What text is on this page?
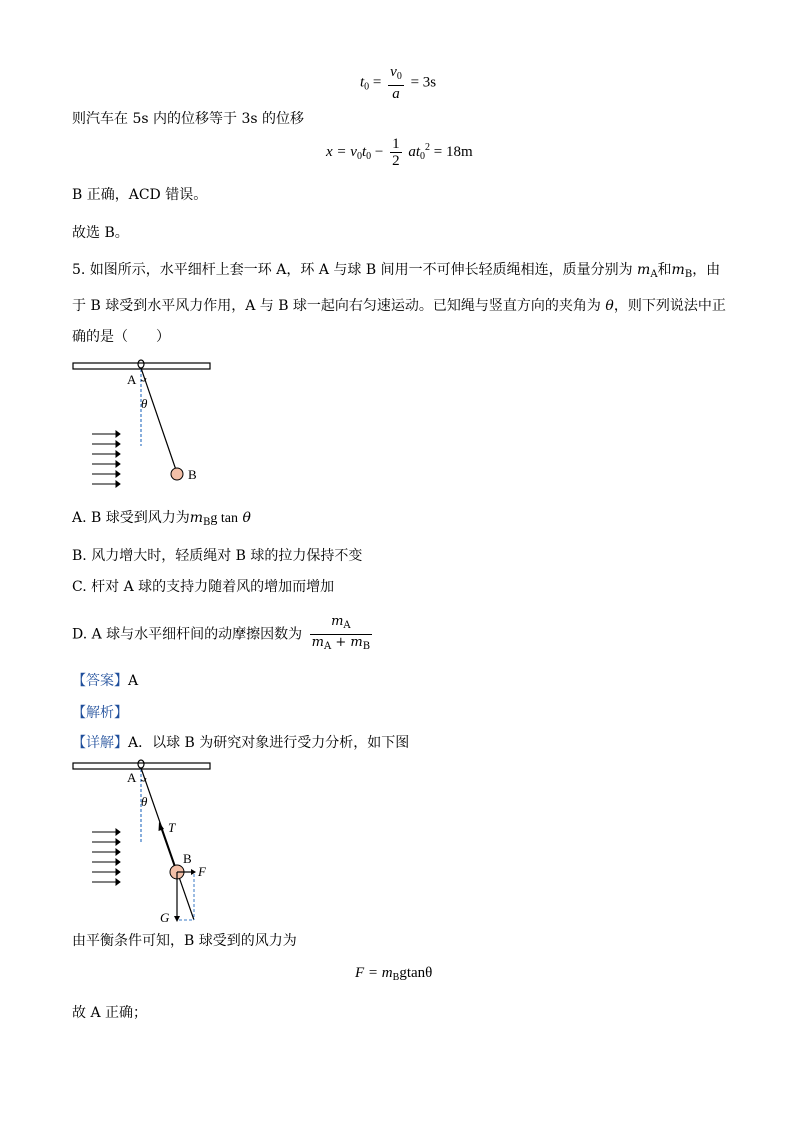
$t_0 = \frac{v_0}{a} = 3s$
则汽车在 5s 内的位移等于 3s 的位移
$x = v_0t_0 - \frac{1}{2} at_0^2 = 18m$
B 正确，ACD 错误。
故选 B。
5. 如图所示，水平细杆上套一环 A，环 A 与球 B 间用一不可伸长轻质绳相连，质量分别为 $m_A$和$m_B$，由
于 B 球受到水平风力作用，A 与 B 球一起向右匀速运动。已知绳与竖直方向的夹角为 θ，则下列说法中正
确的是（　　）
A
θ
B
A. B 球受到风力为$m_Bg$ tan θ
B. 风力增大时，轻质绳对 B 球的拉力保持不变
C. 杆对 A 球的支持力随着风的增加而增加
D. A 球与水平细杆间的动摩擦因数为 $\frac{m_A}{m_A + m_B}$
【答案】A
【解析】
【详解】A．以球 B 为研究对象进行受力分析，如下图
A
θ
T
B
F
G
由平衡条件可知，B 球受到的风力为
$F = m_Bgtan\theta$
故 A 正确；
